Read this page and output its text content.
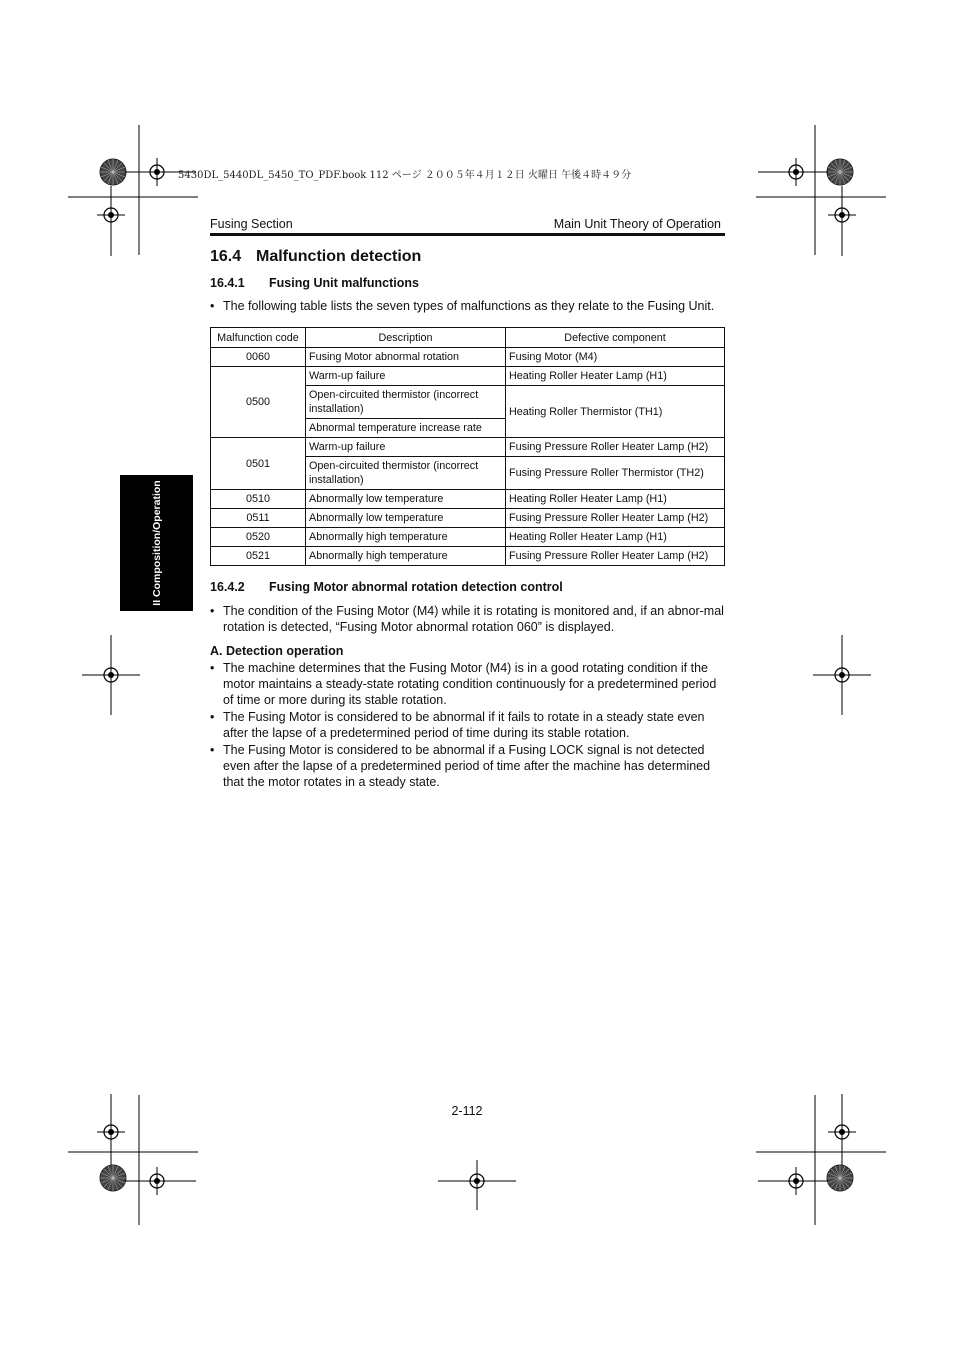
5430DL_5440DL_5450_TO_PDF.book 112 ページ ２００５年４月１２日 火曜日 午後４時４９分
Fusing Section	Main Unit Theory of Operation
II Composition/Operation
16.4 Malfunction detection
16.4.1 Fusing Unit malfunctions
• The following table lists the seven types of malfunctions as they relate to the Fusing Unit.
Malfunction code	Description	Defective component
0060	Fusing Motor abnormal rotation	Fusing Motor (M4)
0500	Warm-up failure	Heating Roller Heater Lamp (H1)
	Open-circuited thermistor (incorrect installation)	Heating Roller Thermistor (TH1)
	Abnormal temperature increase rate	
0501	Warm-up failure	Fusing Pressure Roller Heater Lamp (H2)
	Open-circuited thermistor (incorrect installation)	Fusing Pressure Roller Thermistor (TH2)
0510	Abnormally low temperature	Heating Roller Heater Lamp (H1)
0511	Abnormally low temperature	Fusing Pressure Roller Heater Lamp (H2)
0520	Abnormally high temperature	Heating Roller Heater Lamp (H1)
0521	Abnormally high temperature	Fusing Pressure Roller Heater Lamp (H2)
16.4.2 Fusing Motor abnormal rotation detection control
• The condition of the Fusing Motor (M4) while it is rotating is monitored and, if an abnor-mal rotation is detected, “Fusing Motor abnormal rotation 060” is displayed.
A. Detection operation
• The machine determines that the Fusing Motor (M4) is in a good rotating condition if the motor maintains a steady-state rotating condition continuously for a predetermined period of time or more during its stable rotation.
• The Fusing Motor is considered to be abnormal if it fails to rotate in a steady state even after the lapse of a predetermined period of time during its stable rotation.
• The Fusing Motor is considered to be abnormal if a Fusing LOCK signal is not detected even after the lapse of a predetermined period of time after the machine has determined that the motor rotates in a steady state.
2-112
